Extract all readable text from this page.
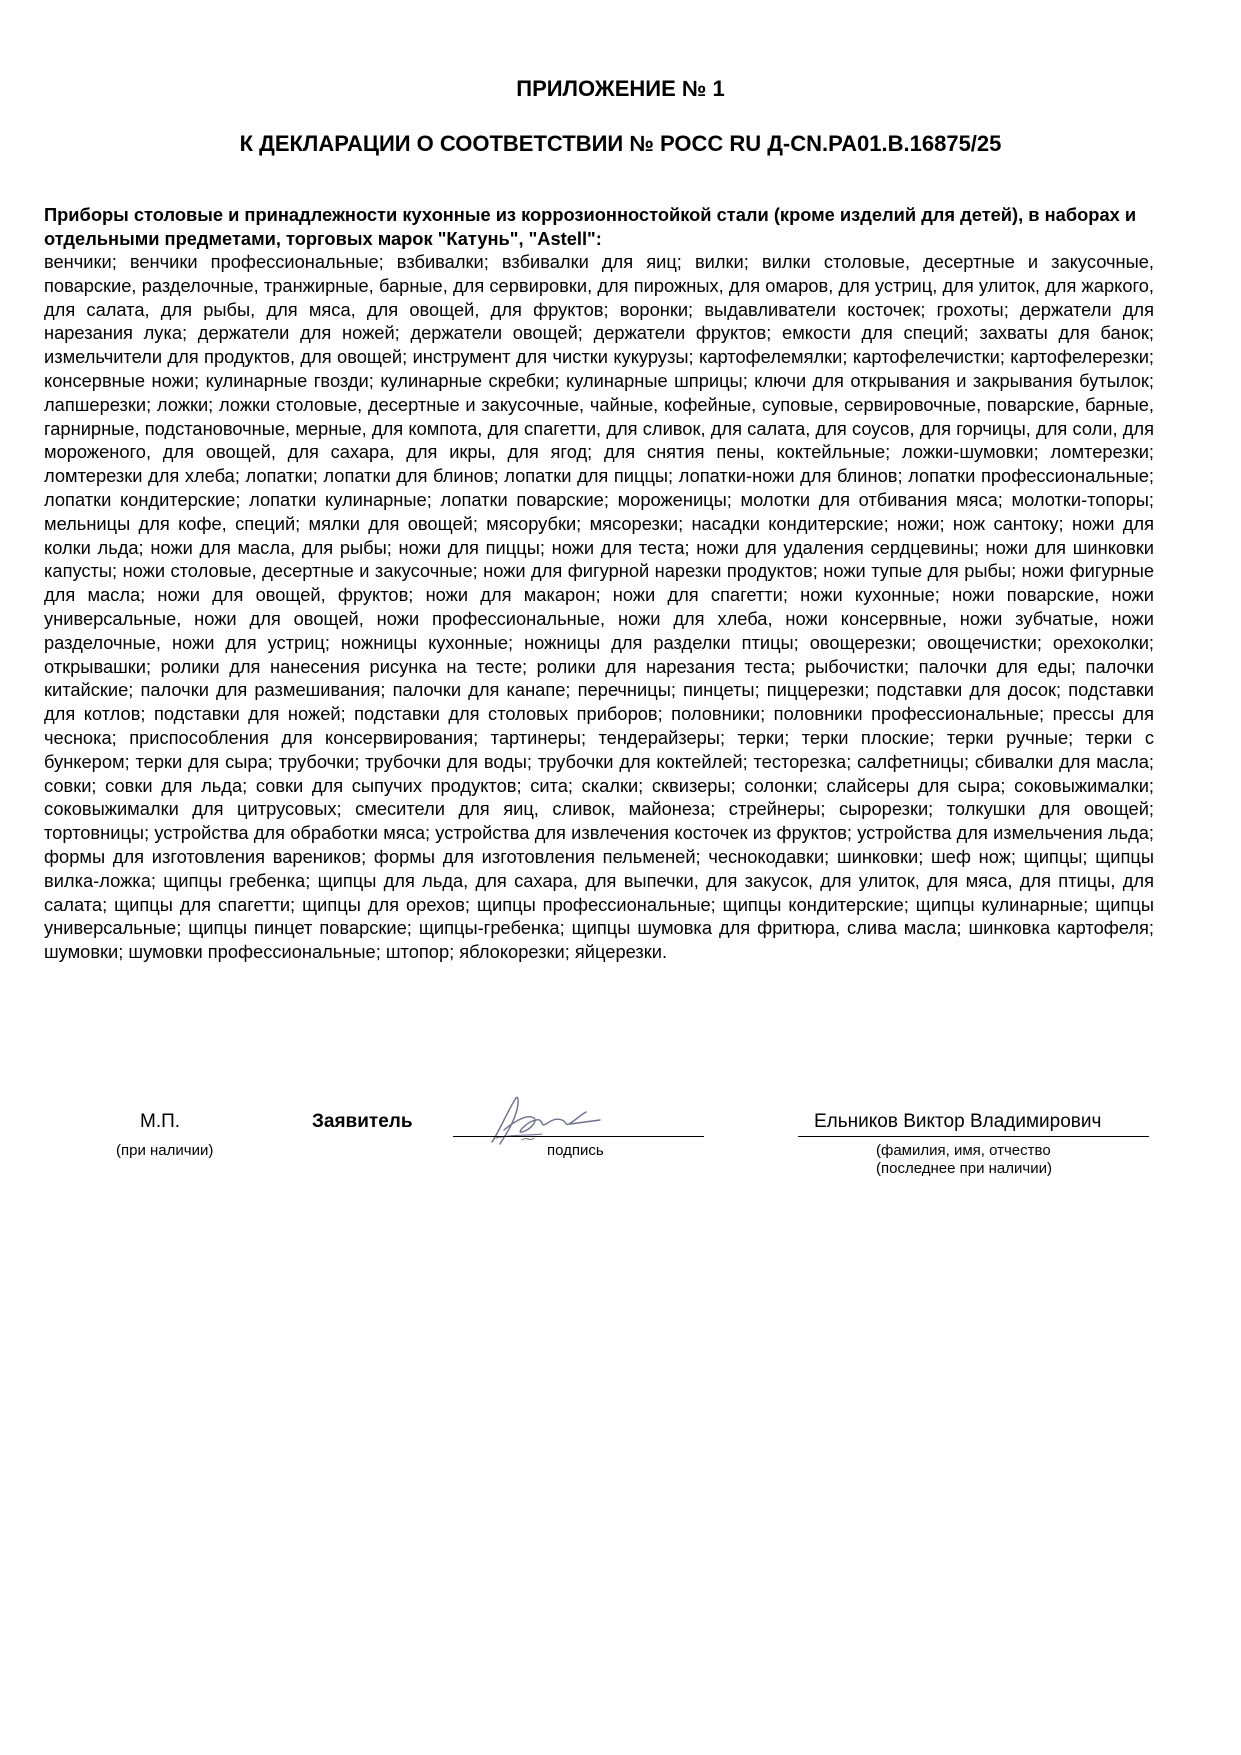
ПРИЛОЖЕНИЕ № 1
К ДЕКЛАРАЦИИ О СООТВЕТСТВИИ № РОСС RU Д-CN.PA01.B.16875/25

Приборы столовые и принадлежности кухонные из коррозионностойкой стали (кроме изделий для детей), в наборах и отдельными предметами, торговых марок "Катунь", "Astell":

венчики; венчики профессиональные; взбивалки; взбивалки для яиц; вилки; вилки столовые, десертные и закусочные, поварские, разделочные, транжирные, барные, для сервировки, для пирожных, для омаров, для устриц, для улиток, для жаркого, для салата, для рыбы, для мяса, для овощей, для фруктов; воронки; выдавливатели косточек; грохоты; держатели для нарезания лука; держатели для ножей; держатели овощей; держатели фруктов; емкости для специй; захваты для банок; измельчители для продуктов, для овощей; инструмент для чистки кукурузы; картофелемялки; картофелечистки; картофелерезки; консервные ножи; кулинарные гвозди; кулинарные скребки; кулинарные шприцы; ключи для открывания и закрывания бутылок; лапшерезки; ложки; ложки столовые, десертные и закусочные, чайные, кофейные, суповые, сервировочные, поварские, барные, гарнирные, подстановочные, мерные, для компота, для спагетти, для сливок, для салата, для соусов, для горчицы, для соли, для мороженого, для овощей, для сахара, для икры, для ягод; для снятия пены, коктейльные; ложки-шумовки; ломтерезки; ломтерезки для хлеба; лопатки; лопатки для блинов; лопатки для пиццы; лопатки-ножи для блинов; лопатки профессиональные; лопатки кондитерские; лопатки кулинарные; лопатки поварские; мороженицы; молотки для отбивания мяса; молотки-топоры; мельницы для кофе, специй; мялки для овощей; мясорубки; мясорезки; насадки кондитерские; ножи; нож сантоку; ножи для колки льда; ножи для масла, для рыбы; ножи для пиццы; ножи для теста; ножи для удаления сердцевины; ножи для шинковки капусты; ножи столовые, десертные и закусочные; ножи для фигурной нарезки продуктов; ножи тупые для рыбы; ножи фигурные для масла; ножи для овощей, фруктов; ножи для макарон; ножи для спагетти; ножи кухонные; ножи поварские, ножи универсальные, ножи для овощей, ножи профессиональные, ножи для хлеба, ножи консервные, ножи зубчатые, ножи разделочные, ножи для устриц; ножницы кухонные; ножницы для разделки птицы; овощерезки; овощечистки; орехоколки; открывашки; ролики для нанесения рисунка на тесте; ролики для нарезания теста; рыбочистки; палочки для еды; палочки китайские; палочки для размешивания; палочки для канапе; перечницы; пинцеты; пиццерезки; подставки для досок; подставки для котлов; подставки для ножей; подставки для столовых приборов; половники; половники профессиональные; прессы для чеснока; приспособления для консервирования; тартинеры; тендерайзеры; терки; терки плоские; терки ручные; терки с бункером; терки для сыра; трубочки; трубочки для воды; трубочки для коктейлей; тесторезка; салфетницы; сбивалки для масла; совки; совки для льда; совки для сыпучих продуктов; сита; скалки; сквизеры; солонки; слайсеры для сыра; соковыжималки; соковыжималки для цитрусовых; смесители для яиц, сливок, майонеза; стрейнеры; сырорезки; толкушки для овощей; тортовницы; устройства для обработки мяса; устройства для извлечения косточек из фруктов; устройства для измельчения льда; формы для изготовления вареников; формы для изготовления пельменей; чеснокодавки; шинковки; шеф нож; щипцы; щипцы вилка-ложка; щипцы гребенка; щипцы для льда, для сахара, для выпечки, для закусок, для улиток, для мяса, для птицы, для салата; щипцы для спагетти; щипцы для орехов; щипцы профессиональные; щипцы кондитерские; щипцы кулинарные; щипцы универсальные; щипцы пинцет поварские; щипцы-гребенка; щипцы шумовка для фритюра, слива масла; шинковка картофеля; шумовки; шумовки профессиональные; штопор; яблокорезки; яйцерезки.

М.П.
(при наличии)
Заявитель
подпись
Ельников Виктор Владимирович
(фамилия, имя, отчество
(последнее при наличии)
